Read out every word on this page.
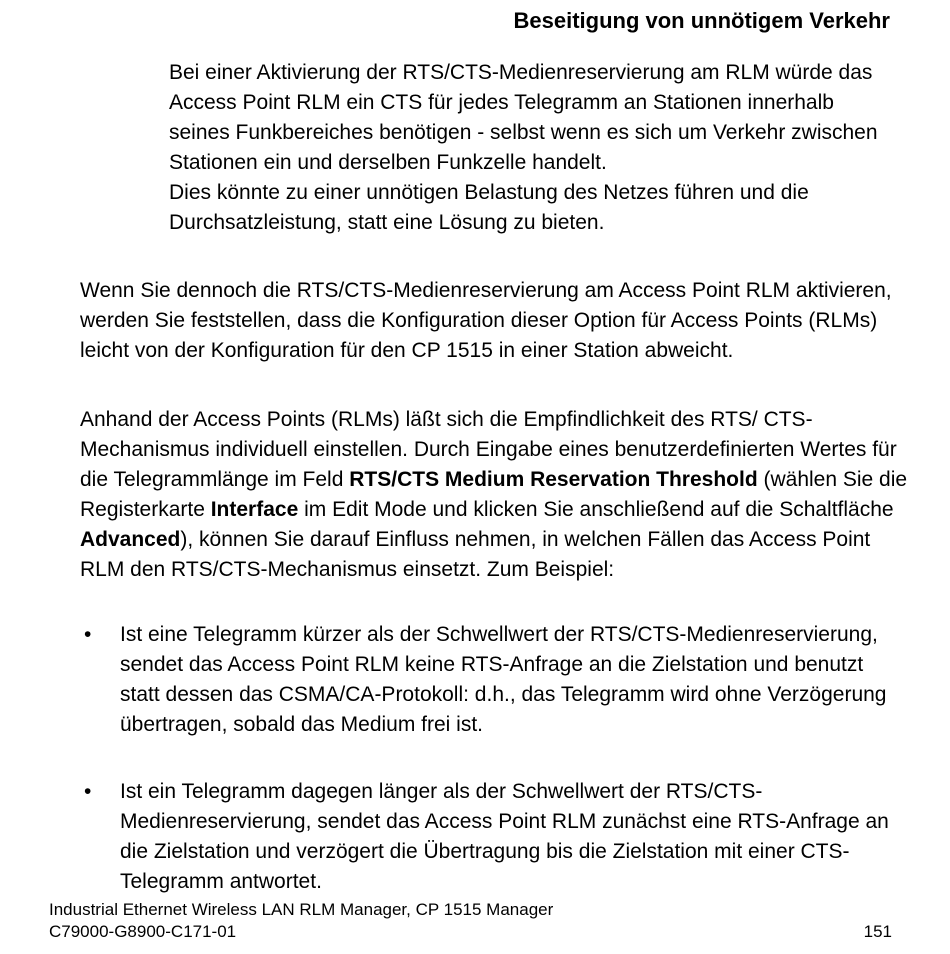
Beseitigung von unnötigem Verkehr

Bei einer Aktivierung der RTS/CTS-Medienreservierung am RLM würde das Access Point RLM ein CTS für jedes Telegramm an Stationen innerhalb seines Funkbereiches benötigen - selbst wenn es sich um Verkehr zwischen Stationen ein und derselben Funkzelle handelt.

Dies könnte zu einer unnötigen Belastung des Netzes führen und die Durchsatzleistung, statt eine Lösung zu bieten.

Wenn Sie dennoch die RTS/CTS-Medienreservierung am Access Point RLM aktivieren, werden Sie feststellen, dass die Konfiguration dieser Option für Access Points (RLMs) leicht von der Konfiguration für den CP 1515 in einer Station abweicht.

Anhand der Access Points (RLMs) läßt sich die Empfindlichkeit des RTS/ CTS-Mechanismus individuell einstellen. Durch Eingabe eines benutzerdefinierten Wertes für die Telegrammlänge im Feld RTS/CTS Medium Reservation Threshold (wählen Sie die Registerkarte Interface im Edit Mode und klicken Sie anschließend auf die Schaltfläche Advanced), können Sie darauf Einfluss nehmen, in welchen Fällen das Access Point RLM den RTS/CTS-Mechanismus einsetzt. Zum Beispiel:

• Ist eine Telegramm kürzer als der Schwellwert der RTS/CTS-Medienreservierung, sendet das Access Point RLM keine RTS-Anfrage an die Zielstation und benutzt statt dessen das CSMA/CA-Protokoll: d.h., das Telegramm wird ohne Verzögerung übertragen, sobald das Medium frei ist.
• Ist ein Telegramm dagegen länger als der Schwellwert der RTS/CTS-Medienreservierung, sendet das Access Point RLM zunächst eine RTS-Anfrage an die Zielstation und verzögert die Übertragung bis die Zielstation mit einer CTS-Telegramm antwortet.
Industrial Ethernet Wireless LAN RLM Manager, CP 1515 Manager
C79000-G8900-C171-01	151
